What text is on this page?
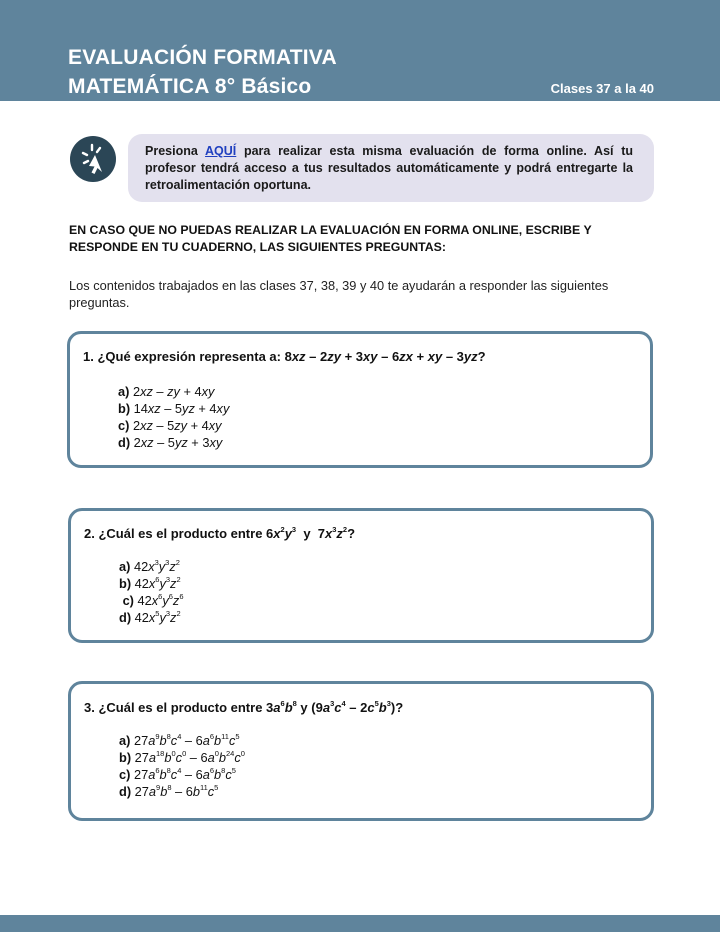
EVALUACIÓN FORMATIVA
MATEMÁTICA 8° Básico	Clases 37 a la 40

Presiona AQUÍ para realizar esta misma evaluación de forma online. Así tu profesor tendrá acceso a tus resultados automáticamente y podrá entregarte la retroalimentación oportuna.

EN CASO QUE NO PUEDAS REALIZAR LA EVALUACIÓN EN FORMA ONLINE, ESCRIBE Y RESPONDE EN TU CUADERNO, LAS SIGUIENTES PREGUNTAS:
Los contenidos trabajados en las clases 37, 38, 39 y 40 te ayudarán a responder las siguientes preguntas.
1. ¿Qué expresión representa a: 8xz – 2zy + 3xy – 6zx + xy – 3yz?
a) 2xz – zy + 4xy
b) 14xz – 5yz + 4xy
c) 2xz – 5zy + 4xy
d) 2xz – 5yz + 3xy
2. ¿Cuál es el producto entre $6x^2y^3$  y  $7x^3z^2$?
a) $42x^3y^3z^2$
b) $42x^6y^3z^2$
c) $42x^6y^6z^6$
d) $42x^5y^3z^2$
3. ¿Cuál es el producto entre $3a^6b^8$ y $(9a^3c^4 - 2c^5b^3)$?
a) $27a^9b^8c^4 - 6a^6b^{11}c^5$
b) $27a^{18}b^0c^0 - 6a^0b^{24}c^0$
c) $27a^6b^8c^4 - 6a^6b^8c^5$
d) $27a^9b^8 - 6b^{11}c^5$
